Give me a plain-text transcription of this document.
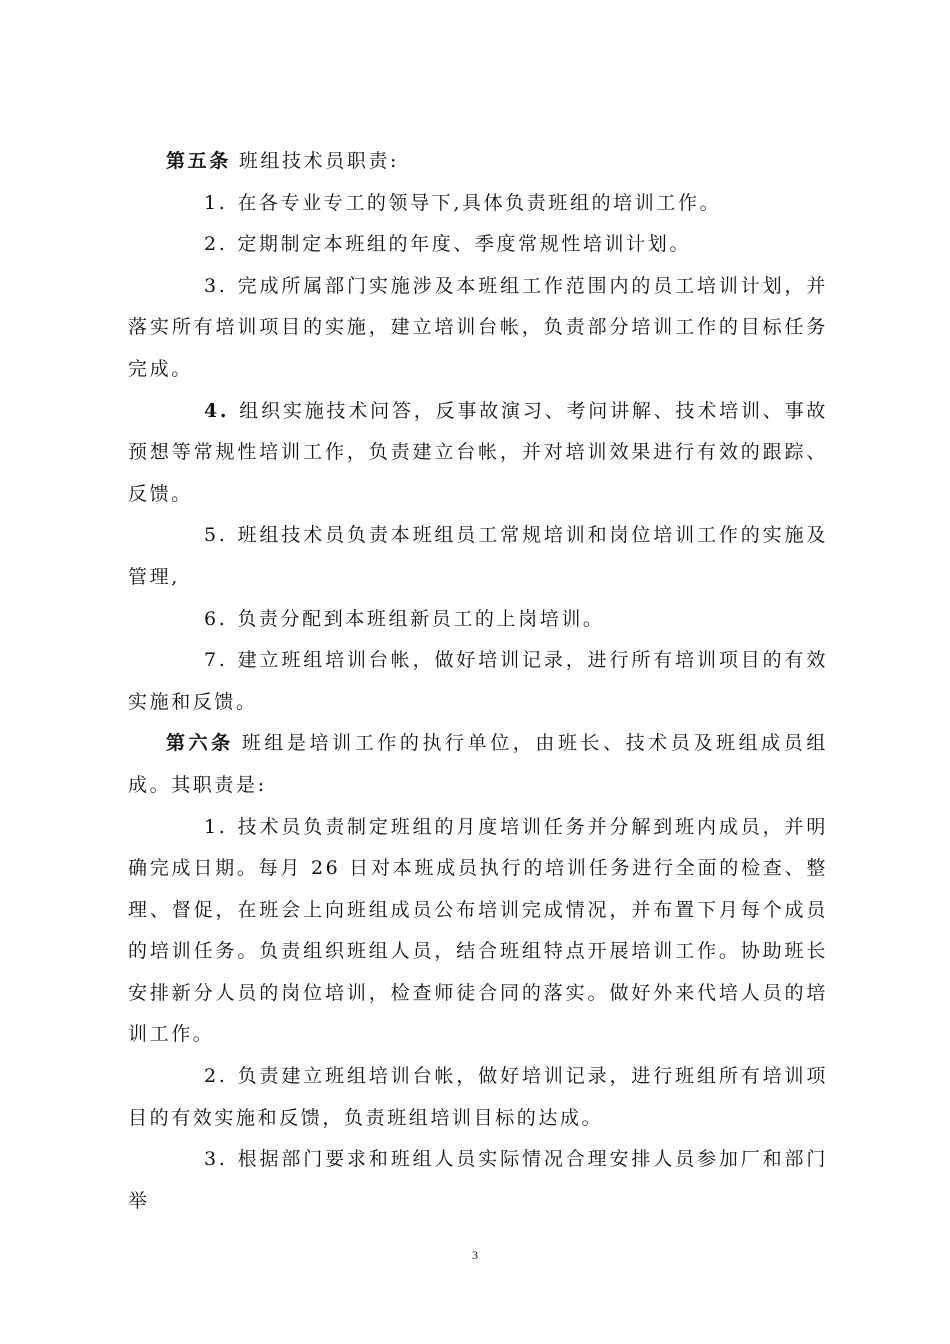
第五条 班组技术员职责:

1. 在各专业专工的领导下,具体负责班组的培训工作。

2. 定期制定本班组的年度、季度常规性培训计划。

3. 完成所属部门实施涉及本班组工作范围内的员工培训计划，并落实所有培训项目的实施，建立培训台帐，负责部分培训工作的目标任务完成。

4. 组织实施技术问答，反事故演习、考问讲解、技术培训、事故预想等常规性培训工作，负责建立台帐，并对培训效果进行有效的跟踪、反馈。

5. 班组技术员负责本班组员工常规培训和岗位培训工作的实施及管理,

6. 负责分配到本班组新员工的上岗培训。

7. 建立班组培训台帐，做好培训记录，进行所有培训项目的有效实施和反馈。

第六条 班组是培训工作的执行单位，由班长、技术员及班组成员组成。其职责是:

1. 技术员负责制定班组的月度培训任务并分解到班内成员，并明确完成日期。每月 26 日对本班成员执行的培训任务进行全面的检查、整理、督促，在班会上向班组成员公布培训完成情况，并布置下月每个成员的培训任务。负责组织班组人员，结合班组特点开展培训工作。协助班长安排新分人员的岗位培训，检查师徒合同的落实。做好外来代培人员的培训工作。

2. 负责建立班组培训台帐，做好培训记录，进行班组所有培训项目的有效实施和反馈，负责班组培训目标的达成。

3. 根据部门要求和班组人员实际情况合理安排人员参加厂和部门举

3
